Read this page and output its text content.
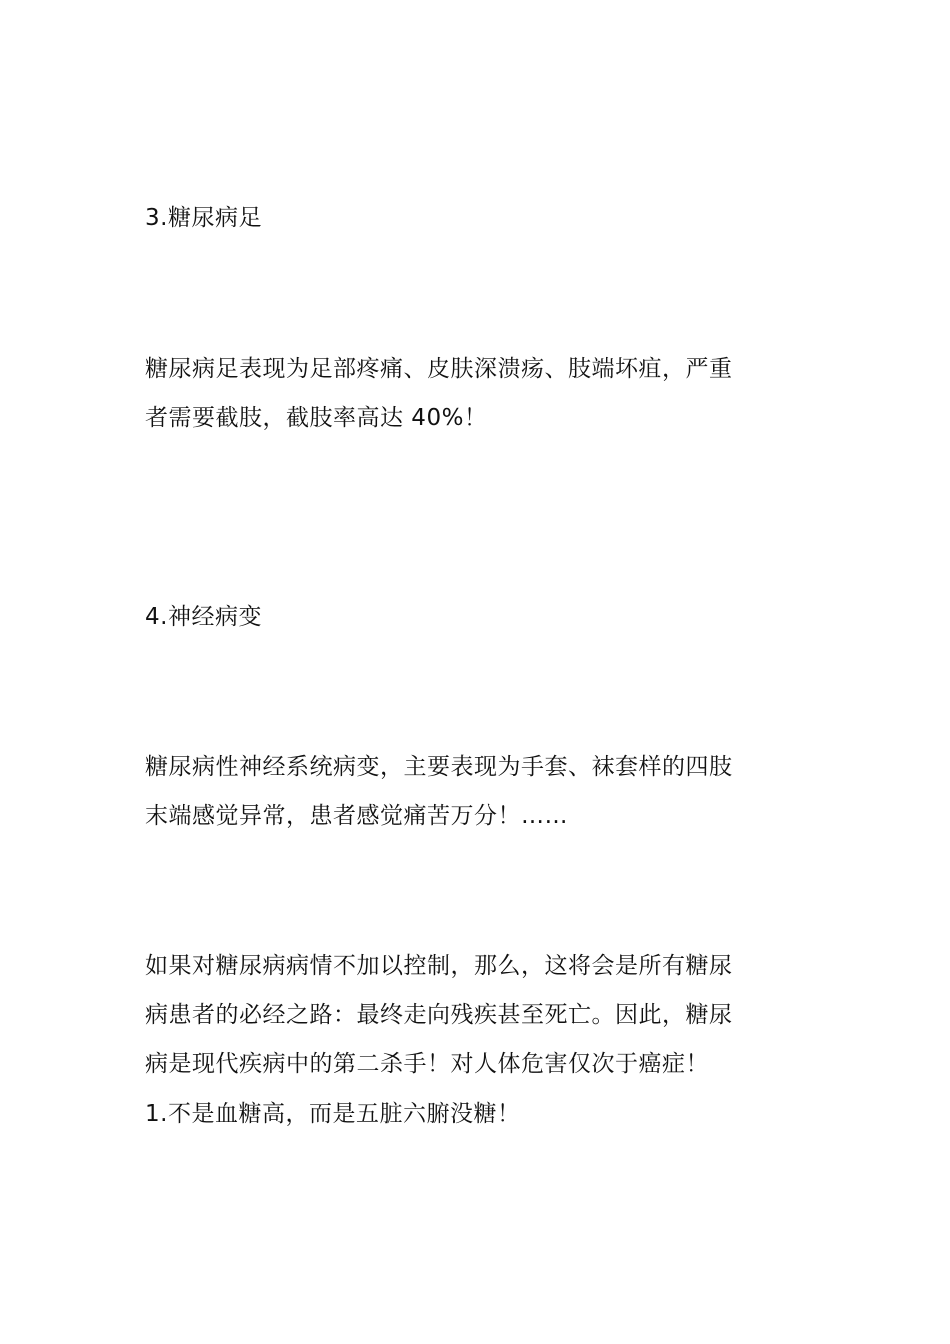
3.糖尿病足
糖尿病足表现为足部疼痛、皮肤深溃疡、肢端坏疽，严重
者需要截肢，截肢率高达 40%！
4.神经病变
糖尿病性神经系统病变，主要表现为手套、袜套样的四肢
末端感觉异常，患者感觉痛苦万分！……
如果对糖尿病病情不加以控制，那么，这将会是所有糖尿
病患者的必经之路：最终走向残疾甚至死亡。因此，糖尿
病是现代疾病中的第二杀手！对人体危害仅次于癌症！
1.不是血糖高，而是五脏六腑没糖！
